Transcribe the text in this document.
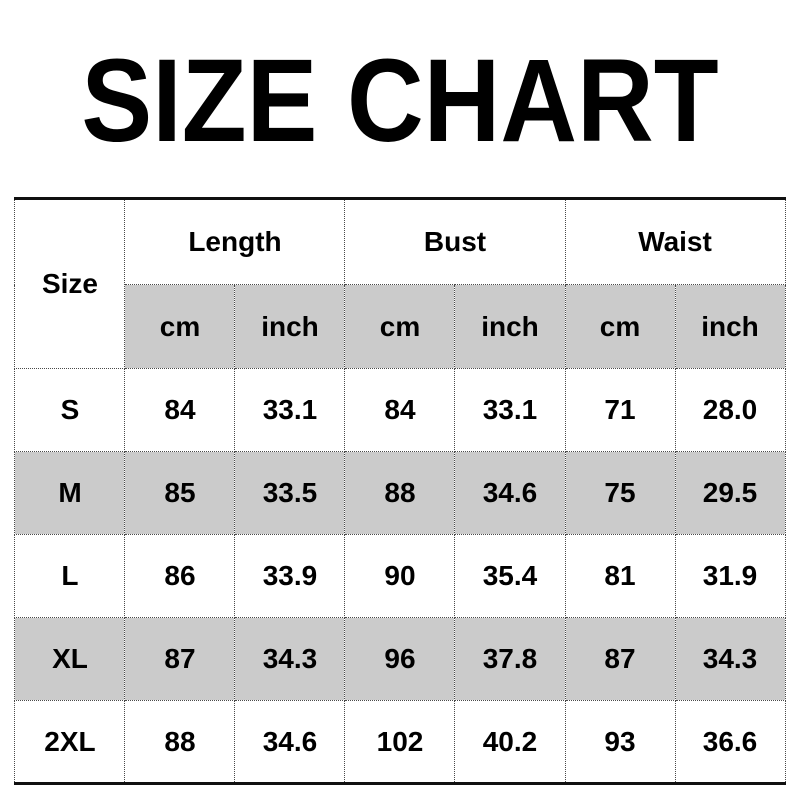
SIZE CHART
Size	Length		Bust		Waist	
	cm	inch	cm	inch	cm	inch
S	84	33.1	84	33.1	71	28.0
M	85	33.5	88	34.6	75	29.5
L	86	33.9	90	35.4	81	31.9
XL	87	34.3	96	37.8	87	34.3
2XL	88	34.6	102	40.2	93	36.6
